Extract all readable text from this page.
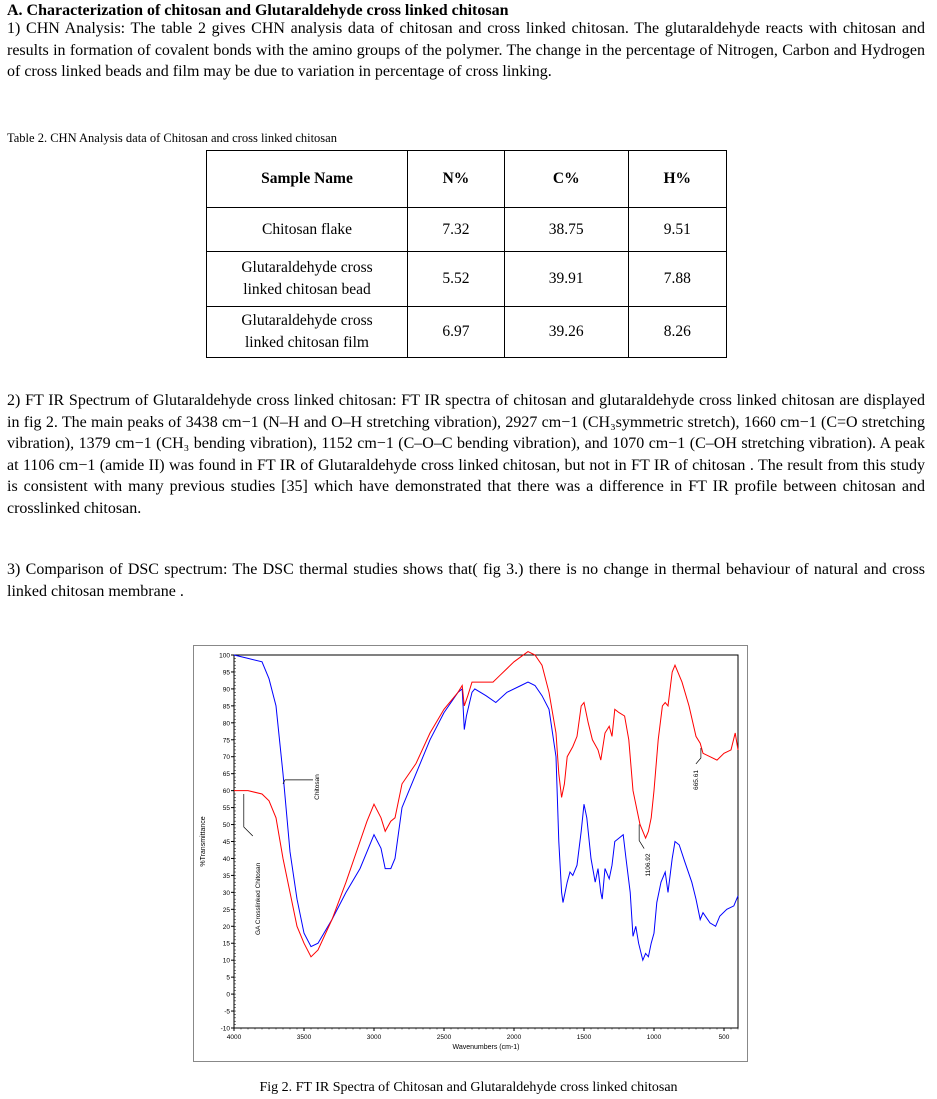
A. Characterization of chitosan and Glutaraldehyde cross linked chitosan

1) CHN Analysis: The table 2 gives CHN analysis data of chitosan and cross linked chitosan. The glutaraldehyde reacts with chitosan and results in formation of covalent bonds with the amino groups of the polymer. The change in the percentage of Nitrogen, Carbon and Hydrogen of cross linked beads and film may be due to variation in percentage of cross linking.

Table 2. CHN Analysis data of Chitosan and cross linked chitosan
Sample Name	N%	C%	H%
Chitosan flake	7.32	38.75	9.51
Glutaraldehyde cross linked chitosan bead	5.52	39.91	7.88
Glutaraldehyde cross linked chitosan film	6.97	39.26	8.26

2) FT IR Spectrum of Glutaraldehyde cross linked chitosan: FT IR spectra of chitosan and glutaraldehyde cross linked chitosan are displayed in fig 2. The main peaks of 3438 cm−1 (N–H and O–H stretching vibration), 2927 cm−1 (CH₃symmetric stretch), 1660 cm−1 (C=O stretching vibration), 1379 cm−1 (CH₃ bending vibration), 1152 cm−1 (C–O–C bending vibration), and 1070 cm−1 (C–OH stretching vibration). A peak at 1106 cm−1 (amide II) was found in FT IR of Glutaraldehyde cross linked chitosan, but not in FT IR of chitosan . The result from this study is consistent with many previous studies [35] which have demonstrated that there was a difference in FT IR profile between chitosan and crosslinked chitosan.

3) Comparison of DSC spectrum: The DSC thermal studies shows that( fig 3.) there is no change in thermal behaviour of natural and cross linked chitosan membrane .

100
95
90
85
80
75
70
65
60
55
50
45
40
35
30
25
20
15
10
5
0
-5
-10
4000	3500	3000	2500	2000	1500	1000	500
Wavenumbers (cm-1)
%Transmittance
Chitosan
GA Crosslinked Chitosan	1106.92
665.61
Fig 2. FT IR Spectra of Chitosan and Glutaraldehyde cross linked chitosan
